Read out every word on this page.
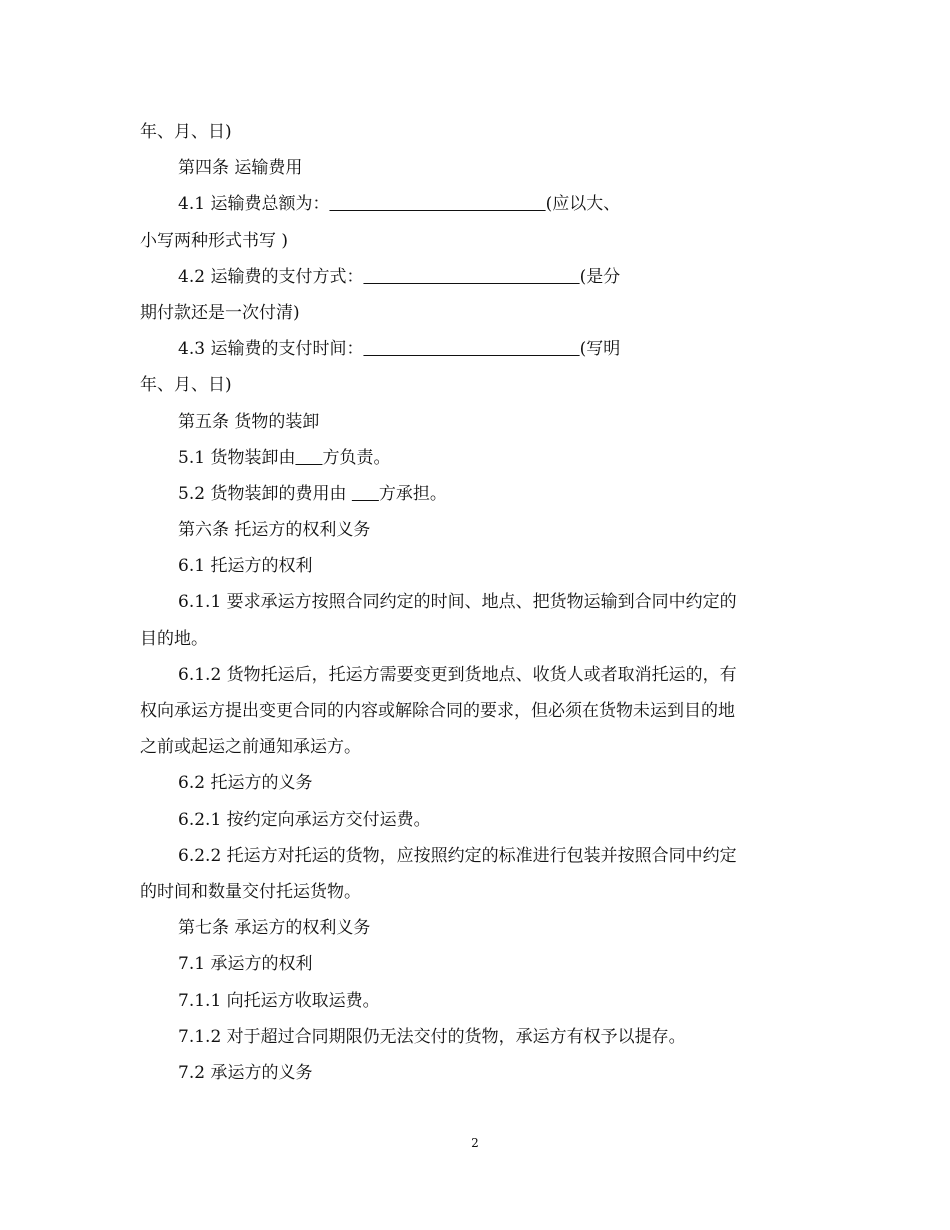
年、月、日)
第四条 运输费用
4.1 运输费总额为：	(应以大、
小写两种形式书写 )
4.2 运输费的支付方式：	(是分
期付款还是一次付清)
4.3 运输费的支付时间：	(写明
年、月、日)
第五条 货物的装卸
5.1 货物装卸由 方负责。
5.2 货物装卸的费用由      方承担。
第六条 托运方的权利义务
6.1 托运方的权利
6.1.1 要求承运方按照合同约定的时间、地点、把货物运输到合同中约定的
目的地。
6.1.2 货物托运后，托运方需要变更到货地点、收货人或者取消托运的，有
权向承运方提出变更合同的内容或解除合同的要求，但必须在货物未运到目的地
之前或起运之前通知承运方。
6.2 托运方的义务
6.2.1 按约定向承运方交付运费。
6.2.2 托运方对托运的货物，应按照约定的标准进行包装并按照合同中约定
的时间和数量交付托运货物。
第七条 承运方的权利义务
7.1 承运方的权利
7.1.1 向托运方收取运费。
7.1.2 对于超过合同期限仍无法交付的货物，承运方有权予以提存。
7.2 承运方的义务
2
